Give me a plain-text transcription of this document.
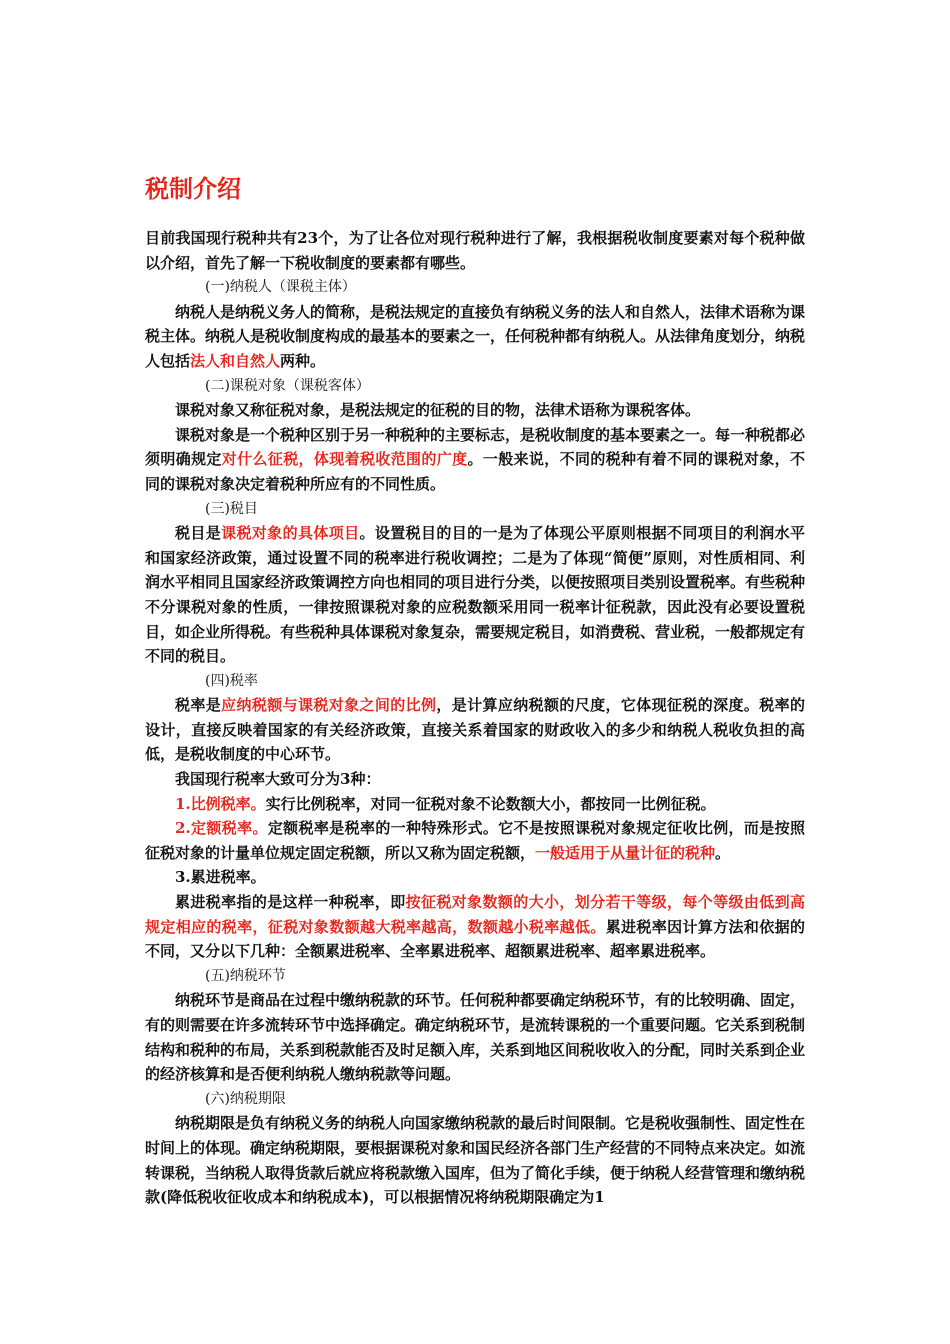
税制介绍

目前我国现行税种共有23个，为了让各位对现行税种进行了解，我根据税收制度要素对每个税种做以介绍，首先了解一下税收制度的要素都有哪些。

(一)纳税人（课税主体）

纳税人是纳税义务人的简称，是税法规定的直接负有纳税义务的法人和自然人，法律术语称为课税主体。纳税人是税收制度构成的最基本的要素之一，任何税种都有纳税人。从法律角度划分，纳税人包括法人和自然人两种。

(二)课税对象（课税客体）

课税对象又称征税对象，是税法规定的征税的目的物，法律术语称为课税客体。

课税对象是一个税种区别于另一种税种的主要标志，是税收制度的基本要素之一。每一种税都必须明确规定对什么征税，体现着税收范围的广度。一般来说，不同的税种有着不同的课税对象，不同的课税对象决定着税种所应有的不同性质。

(三)税目

税目是课税对象的具体项目。设置税目的目的一是为了体现公平原则根据不同项目的利润水平和国家经济政策，通过设置不同的税率进行税收调控；二是为了体现“简便”原则，对性质相同、利润水平相同且国家经济政策调控方向也相同的项目进行分类，以便按照项目类别设置税率。有些税种不分课税对象的性质，一律按照课税对象的应税数额采用同一税率计征税款，因此没有必要设置税目，如企业所得税。有些税种具体课税对象复杂，需要规定税目，如消费税、营业税，一般都规定有不同的税目。

(四)税率

税率是应纳税额与课税对象之间的比例，是计算应纳税额的尺度，它体现征税的深度。税率的设计，直接反映着国家的有关经济政策，直接关系着国家的财政收入的多少和纳税人税收负担的高低，是税收制度的中心环节。

我国现行税率大致可分为3种：

1.比例税率。实行比例税率，对同一征税对象不论数额大小，都按同一比例征税。

2.定额税率。定额税率是税率的一种特殊形式。它不是按照课税对象规定征收比例，而是按照征税对象的计量单位规定固定税额，所以又称为固定税额，一般适用于从量计征的税种。

3.累进税率。

累进税率指的是这样一种税率，即按征税对象数额的大小，划分若干等级，每个等级由低到高规定相应的税率，征税对象数额越大税率越高，数额越小税率越低。累进税率因计算方法和依据的不同，又分以下几种：全额累进税率、全率累进税率、超额累进税率、超率累进税率。

(五)纳税环节

纳税环节是商品在过程中缴纳税款的环节。任何税种都要确定纳税环节，有的比较明确、固定，有的则需要在许多流转环节中选择确定。确定纳税环节，是流转课税的一个重要问题。它关系到税制结构和税种的布局，关系到税款能否及时足额入库，关系到地区间税收收入的分配，同时关系到企业的经济核算和是否便利纳税人缴纳税款等问题。

(六)纳税期限

纳税期限是负有纳税义务的纳税人向国家缴纳税款的最后时间限制。它是税收强制性、固定性在时间上的体现。确定纳税期限，要根据课税对象和国民经济各部门生产经营的不同特点来决定。如流转课税，当纳税人取得货款后就应将税款缴入国库，但为了简化手续，便于纳税人经营管理和缴纳税款(降低税收征收成本和纳税成本)，可以根据情况将纳税期限确定为1
